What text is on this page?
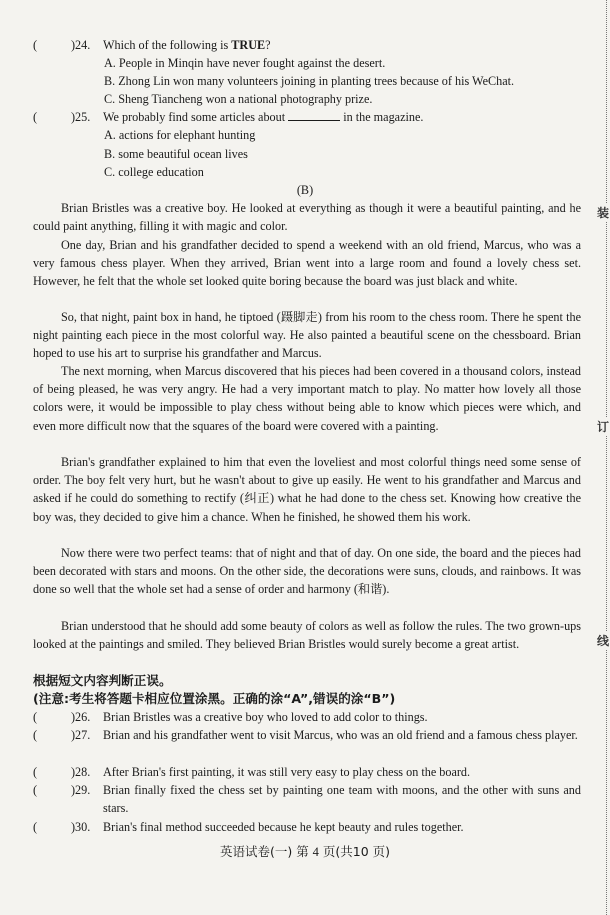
(	)24. Which of the following is TRUE?
A. People in Minqin have never fought against the desert.
B. Zhong Lin won many volunteers joining in planting trees because of his WeChat.
C. Sheng Tiancheng won a national photography prize.
(	)25. We probably find some articles about	in the magazine.
A. actions for elephant hunting
B. some beautiful ocean lives
C. college education
(B)
Brian Bristles was a creative boy. He looked at everything as though it were a beautiful painting, and he could paint anything, filling it with magic and color.
One day, Brian and his grandfather decided to spend a weekend with an old friend, Marcus, who was a very famous chess player. When they arrived, Brian went into a large room and found a lovely chess set. However, he felt that the whole set looked quite boring because the board was just black and white.
So, that night, paint box in hand, he tiptoed (蹑脚走) from his room to the chess room. There he spent the night painting each piece in the most colorful way. He also painted a beautiful scene on the chessboard. Brian hoped to use his art to surprise his grandfather and Marcus.
The next morning, when Marcus discovered that his pieces had been covered in a thousand colors, instead of being pleased, he was very angry. He had a very important match to play. No matter how lovely all those colors were, it would be impossible to play chess without being able to know which pieces were which, and even more difficult now that the squares of the board were covered with a painting.
Brian's grandfather explained to him that even the loveliest and most colorful things need some sense of order. The boy felt very hurt, but he wasn't about to give up easily. He went to his grandfather and Marcus and asked if he could do something to rectify (纠正) what he had done to the chess set. Knowing how creative the boy was, they decided to give him a chance. When he finished, he showed them his work.
Now there were two perfect teams: that of night and that of day. On one side, the board and the pieces had been decorated with stars and moons. On the other side, the decorations were suns, clouds, and rainbows. It was done so well that the whole set had a sense of order and harmony (和谐).
Brian understood that he should add some beauty of colors as well as follow the rules. The two grown-ups looked at the paintings and smiled. They believed Brian Bristles would surely become a great artist.
根据短文内容判断正误。
(注意:考生将答题卡相应位置涂黑。正确的涂“A”,错误的涂“B”)
(	)26. Brian Bristles was a creative boy who loved to add color to things.
(	)27. Brian and his grandfather went to visit Marcus, who was an old friend and a famous chess player.
(	)28. After Brian's first painting, it was still very easy to play chess on the board.
(	)29. Brian finally fixed the chess set by painting one team with moons, and the other with suns and stars.
(	)30. Brian's final method succeeded because he kept beauty and rules together.
英语试卷(一) 第 4 页(共10 页)
装
订
线
